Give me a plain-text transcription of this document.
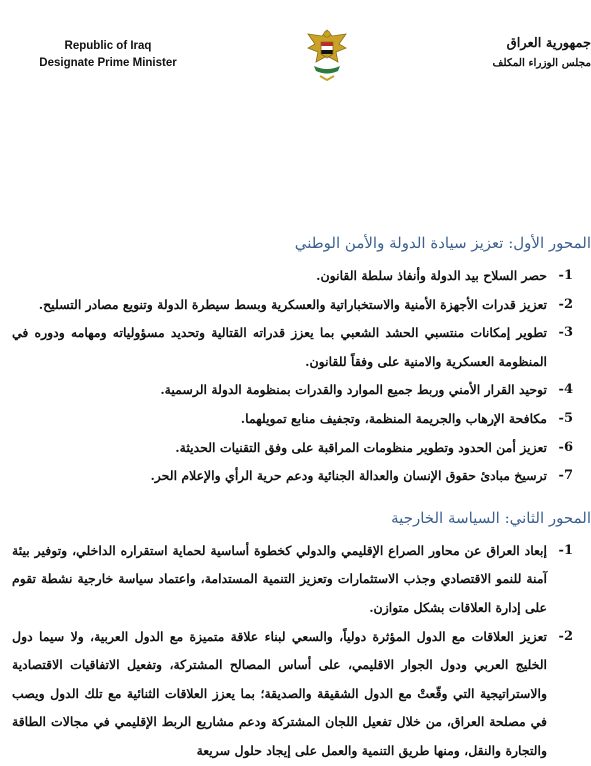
Republic of Iraq
Designate Prime Minister
جمهورية العراق
مجلس الوزراء المكلف
المحور الأول: تعزيز سيادة الدولة والأمن الوطني
1-
حصر السلاح بيد الدولة وأنفاذ سلطة القانون.
2-
تعزيز قدرات الأجهزة الأمنية والاستخباراتية والعسكرية وبسط سيطرة الدولة وتنويع مصادر التسليح.
3-
تطوير إمكانات منتسبي الحشد الشعبي بما يعزز قدراته القتالية وتحديد مسؤولياته ومهامه ودوره في المنظومة العسكرية والامنية على وفقاً للقانون.
4-
توحيد القرار الأمني وربط جميع الموارد والقدرات بمنظومة الدولة الرسمية.
5-
مكافحة الإرهاب والجريمة المنظمة، وتجفيف منابع تمويلهما.
6-
تعزيز أمن الحدود وتطوير منظومات المراقبة على وفق التقنيات الحديثة.
7-
ترسيخ مبادئ حقوق الإنسان والعدالة الجنائية ودعم حرية الرأي والإعلام الحر.
المحور الثاني: السياسة الخارجية
1-
إبعاد العراق عن محاور الصراع الإقليمي والدولي كخطوة أساسية لحماية استقراره الداخلي، وتوفير بيئة آمنة للنمو الاقتصادي وجذب الاستثمارات وتعزيز التنمية المستدامة، واعتماد سياسة خارجية نشطة تقوم على إدارة العلاقات بشكل متوازن.
2-
تعزيز العلاقات مع الدول المؤثرة دولياً، والسعي لبناء علاقة متميزة مع الدول العربية، ولا سيما دول الخليج العربي ودول الجوار الاقليمي، على أساس المصالح المشتركة، وتفعيل الاتفاقيات الاقتصادية والاستراتيجية التي وقّعتْ مع الدول الشقيقة والصديقة؛ بما يعزز العلاقات الثنائية مع تلك الدول ويصب في مصلحة العراق، من خلال تفعيل اللجان المشتركة ودعم مشاريع الربط الإقليمي في مجالات الطاقة والتجارة والنقل، ومنها طريق التنمية والعمل على إيجاد حلول سريعة
